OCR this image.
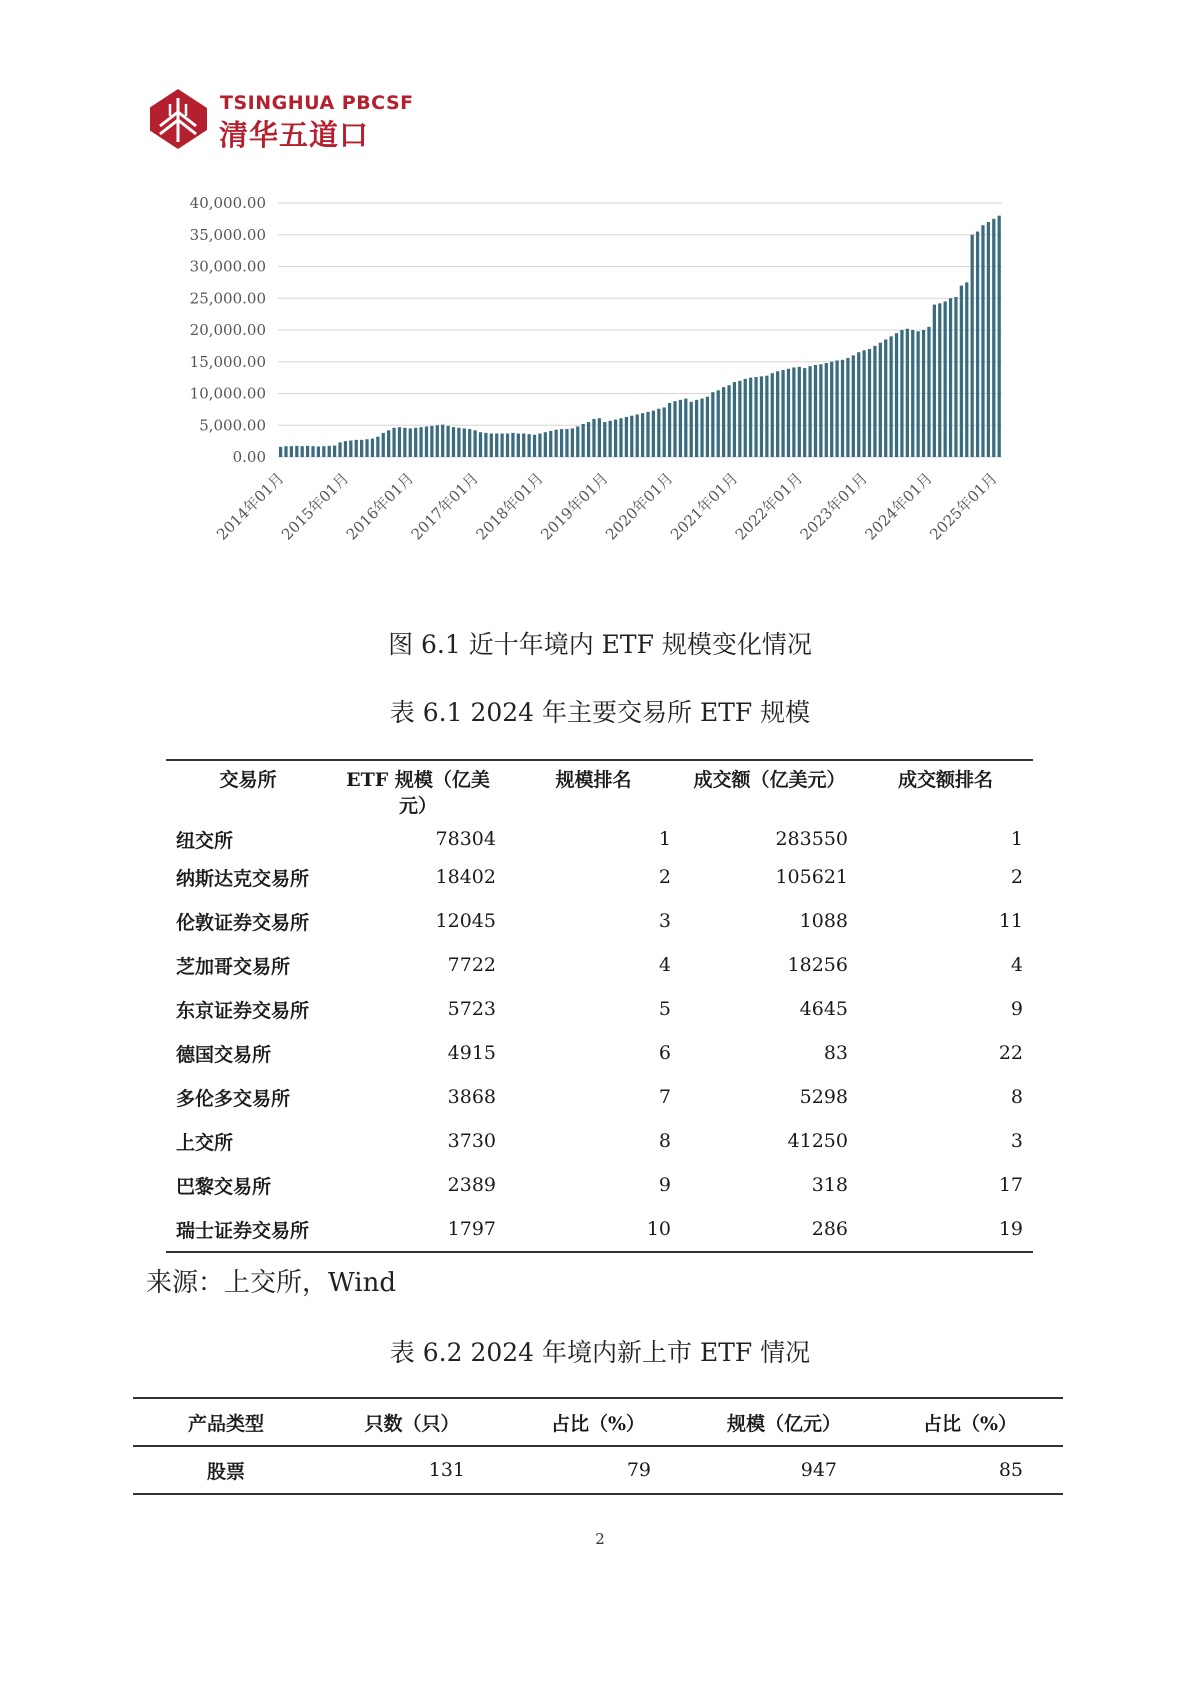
TSINGHUA PBCSF
清华五道口
40,000.00
35,000.00
30,000.00
25,000.00
20,000.00
15,000.00
10,000.00
5,000.00
0.00
2014年01月
2015年01月
2016年01月
2017年01月
2018年01月
2019年01月
2020年01月
2021年01月
2022年01月
2023年01月
2024年01月
2025年01月
图 6.1 近十年境内 ETF 规模变化情况
表 6.1 2024 年主要交易所 ETF 规模
交易所	ETF 规模（亿美元）	规模排名	成交额（亿美元）	成交额排名
纽交所	78304	1	283550	1
纳斯达克交易所	18402	2	105621	2
伦敦证券交易所	12045	3	1088	11
芝加哥交易所	7722	4	18256	4
东京证券交易所	5723	5	4645	9
德国交易所	4915	6	83	22
多伦多交易所	3868	7	5298	8
上交所	3730	8	41250	3
巴黎交易所	2389	9	318	17
瑞士证券交易所	1797	10	286	19
来源：上交所，Wind
表 6.2 2024 年境内新上市 ETF 情况
产品类型	只数（只）	占比（%）	规模（亿元）	占比（%）
股票	131	79	947	85
2
